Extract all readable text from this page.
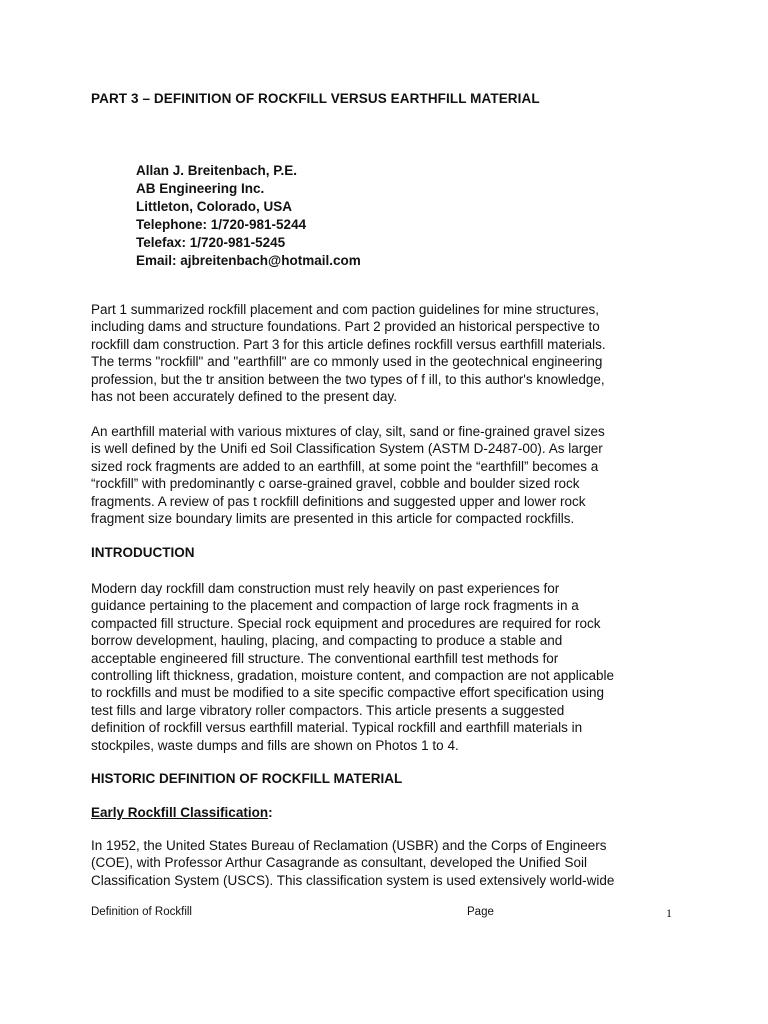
PART 3 – DEFINITION OF ROCKFILL VERSUS EARTHFILL MATERIAL
Allan J. Breitenbach, P.E.
AB Engineering Inc.
Littleton, Colorado, USA
Telephone: 1/720-981-5244
Telefax: 1/720-981-5245
Email: ajbreitenbach@hotmail.com

Part 1 summarized rockfill placement and com paction guidelines for mine structures,
including dams and structure foundations. Part 2 provided an historical perspective to
rockfill dam construction. Part 3 for this article defines rockfill versus earthfill materials.
The terms "rockfill" and "earthfill" are co mmonly used in the geotechnical engineering
profession, but the tr ansition between the two types of f ill, to this author's knowledge,
has not been accurately defined to the present day.

An earthfill material with various mixtures of clay, silt, sand or fine-grained gravel sizes
is well defined by the Unifi ed Soil Classification System (ASTM D-2487-00). As larger
sized rock fragments are added to an earthfill, at some point the “earthfill” becomes a
“rockfill” with predominantly c oarse-grained gravel, cobble and boulder sized rock
fragments. A review of pas t rockfill definitions and suggested upper and lower rock
fragment size boundary limits are presented in this article for compacted rockfills.

INTRODUCTION

Modern day rockfill dam construction must rely heavily on past experiences for
guidance pertaining to the placement and compaction of large rock fragments in a
compacted fill structure. Special rock equipment and procedures are required for rock
borrow development, hauling, placing, and compacting to produce a stable and
acceptable engineered fill structure. The conventional earthfill test methods for
controlling lift thickness, gradation, moisture content, and compaction are not applicable
to rockfills and must be modified to a site specific compactive effort specification using
test fills and large vibratory roller compactors. This article presents a suggested
definition of rockfill versus earthfill material. Typical rockfill and earthfill materials in
stockpiles, waste dumps and fills are shown on Photos 1 to 4.

HISTORIC DEFINITION OF ROCKFILL MATERIAL
Early Rockfill Classification:

In 1952, the United States Bureau of Reclamation (USBR) and the Corps of Engineers
(COE), with Professor Arthur Casagrande as consultant, developed the Unified Soil
Classification System (USCS). This classification system is used extensively world-wide

Definition of Rockfill	Page	1
